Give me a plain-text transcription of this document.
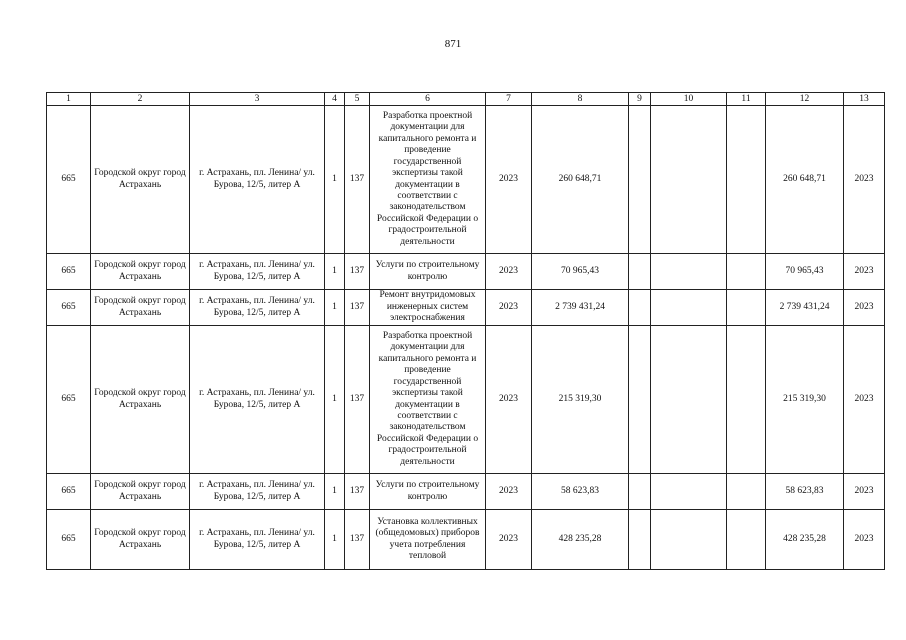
871
1	2	3	4	5	6	7	8	9	10	11	12	13
665	Городской округ город Астрахань	г. Астрахань, пл. Ленина/ ул. Бурова, 12/5, литер А	1	137	Разработка проектной документации для капитального ремонта и проведение государственной экспертизы такой документации в соответствии с законодательством Российской Федерации о градостроительной деятельности	2023	260 648,71				260 648,71	2023
665	Городской округ город Астрахань	г. Астрахань, пл. Ленина/ ул. Бурова, 12/5, литер А	1	137	Услуги по строительному контролю	2023	70 965,43				70 965,43	2023
665	Городской округ город Астрахань	г. Астрахань, пл. Ленина/ ул. Бурова, 12/5, литер А	1	137	Ремонт внутридомовых инженерных систем электроснабжения	2023	2 739 431,24				2 739 431,24	2023
665	Городской округ город Астрахань	г. Астрахань, пл. Ленина/ ул. Бурова, 12/5, литер А	1	137	Разработка проектной документации для капитального ремонта и проведение государственной экспертизы такой документации в соответствии с законодательством Российской Федерации о градостроительной деятельности	2023	215 319,30				215 319,30	2023
665	Городской округ город Астрахань	г. Астрахань, пл. Ленина/ ул. Бурова, 12/5, литер А	1	137	Услуги по строительному контролю	2023	58 623,83				58 623,83	2023
665	Городской округ город Астрахань	г. Астрахань, пл. Ленина/ ул. Бурова, 12/5, литер А	1	137	Установка коллективных (общедомовых) приборов учета потребления тепловой	2023	428 235,28				428 235,28	2023
